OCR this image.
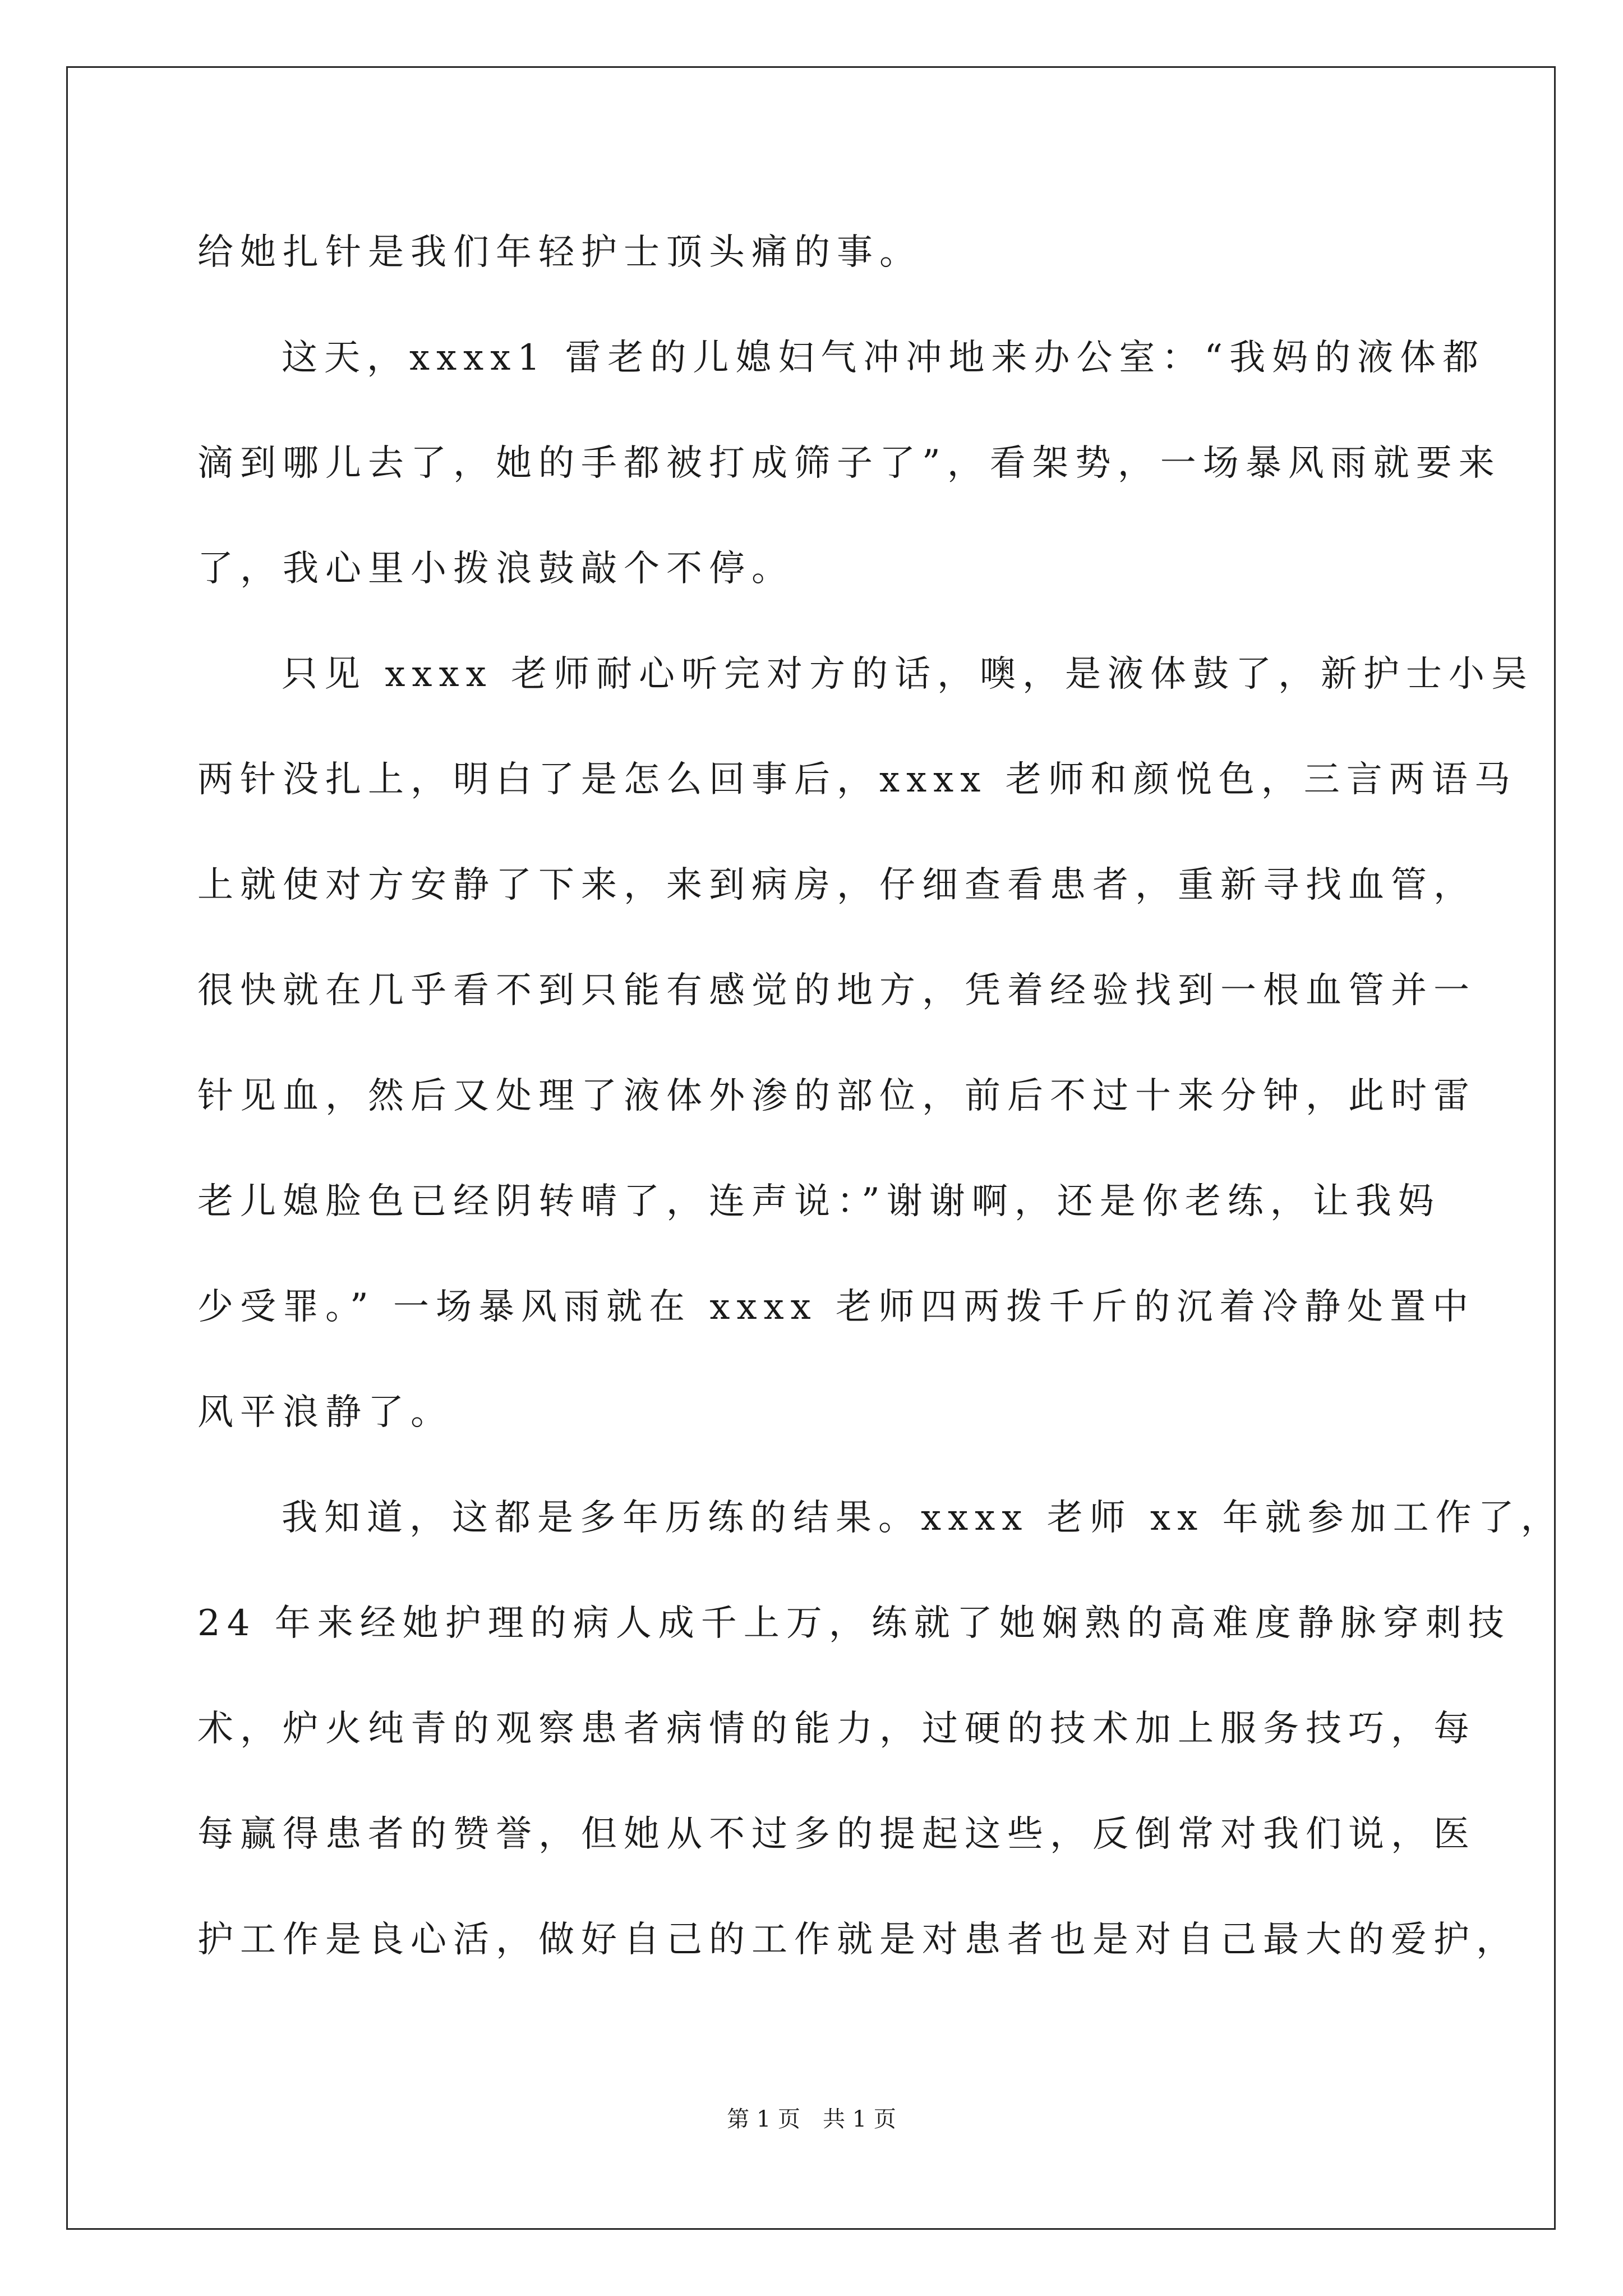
给她扎针是我们年轻护士顶头痛的事。
这天，xxxx1 雷老的儿媳妇气冲冲地来办公室：“我妈的液体都
滴到哪儿去了，她的手都被打成筛子了”，看架势，一场暴风雨就要来
了，我心里小拨浪鼓敲个不停。
只见 xxxx 老师耐心听完对方的话，噢，是液体鼓了，新护士小吴
两针没扎上，明白了是怎么回事后，xxxx 老师和颜悦色，三言两语马
上就使对方安静了下来，来到病房，仔细查看患者，重新寻找血管，
很快就在几乎看不到只能有感觉的地方，凭着经验找到一根血管并一
针见血，然后又处理了液体外渗的部位，前后不过十来分钟，此时雷
老儿媳脸色已经阴转晴了，连声说：”谢谢啊，还是你老练，让我妈
少受罪。” 一场暴风雨就在 xxxx 老师四两拨千斤的沉着冷静处置中
风平浪静了。
我知道，这都是多年历练的结果。xxxx 老师 xx 年就参加工作了，
24 年来经她护理的病人成千上万，练就了她娴熟的高难度静脉穿刺技
术，炉火纯青的观察患者病情的能力，过硬的技术加上服务技巧，每
每赢得患者的赞誉，但她从不过多的提起这些，反倒常对我们说，医
护工作是良心活，做好自己的工作就是对患者也是对自己最大的爱护，
第 1 页　共 1 页
